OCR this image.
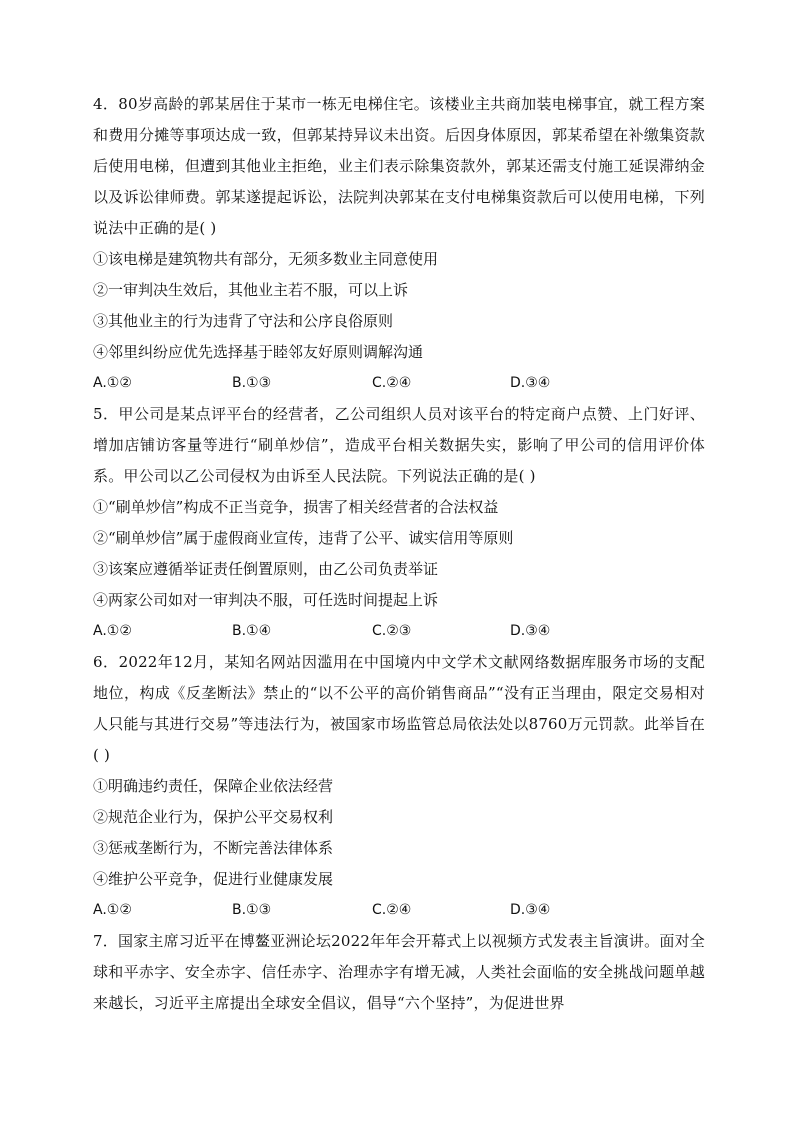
4．80岁高龄的郭某居住于某市一栋无电梯住宅。该楼业主共商加装电梯事宜，就工程方案和费用分摊等事项达成一致，但郭某持异议未出资。后因身体原因，郭某希望在补缴集资款后使用电梯，但遭到其他业主拒绝，业主们表示除集资款外，郭某还需支付施工延误滞纳金以及诉讼律师费。郭某遂提起诉讼，法院判决郭某在支付电梯集资款后可以使用电梯，下列说法中正确的是( )

①该电梯是建筑物共有部分，无须多数业主同意使用

②一审判决生效后，其他业主若不服，可以上诉

③其他业主的行为违背了守法和公序良俗原则

④邻里纠纷应优先选择基于睦邻友好原则调解沟通

A.①②	B.①③	C.②④	D.③④

5．甲公司是某点评平台的经营者，乙公司组织人员对该平台的特定商户点赞、上门好评、增加店铺访客量等进行“刷单炒信”，造成平台相关数据失实，影响了甲公司的信用评价体系。甲公司以乙公司侵权为由诉至人民法院。下列说法正确的是( )

①“刷单炒信”构成不正当竞争，损害了相关经营者的合法权益

②“刷单炒信”属于虚假商业宣传，违背了公平、诚实信用等原则

③该案应遵循举证责任倒置原则，由乙公司负责举证

④两家公司如对一审判决不服，可任选时间提起上诉

A.①②	B.①④	C.②③	D.③④

6．2022年12月，某知名网站因滥用在中国境内中文学术文献网络数据库服务市场的支配地位，构成《反垄断法》禁止的“以不公平的高价销售商品”“没有正当理由，限定交易相对人只能与其进行交易”等违法行为，被国家市场监管总局依法处以8760万元罚款。此举旨在( )

①明确违约责任，保障企业依法经营

②规范企业行为，保护公平交易权利

③惩戒垄断行为，不断完善法律体系

④维护公平竞争，促进行业健康发展

A.①②	B.①③	C.②④	D.③④

7．国家主席习近平在博鳌亚洲论坛2022年年会开幕式上以视频方式发表主旨演讲。面对全球和平赤字、安全赤字、信任赤字、治理赤字有增无减，人类社会面临的安全挑战问题单越来越长，习近平主席提出全球安全倡议，倡导“六个坚持”，为促进世界
